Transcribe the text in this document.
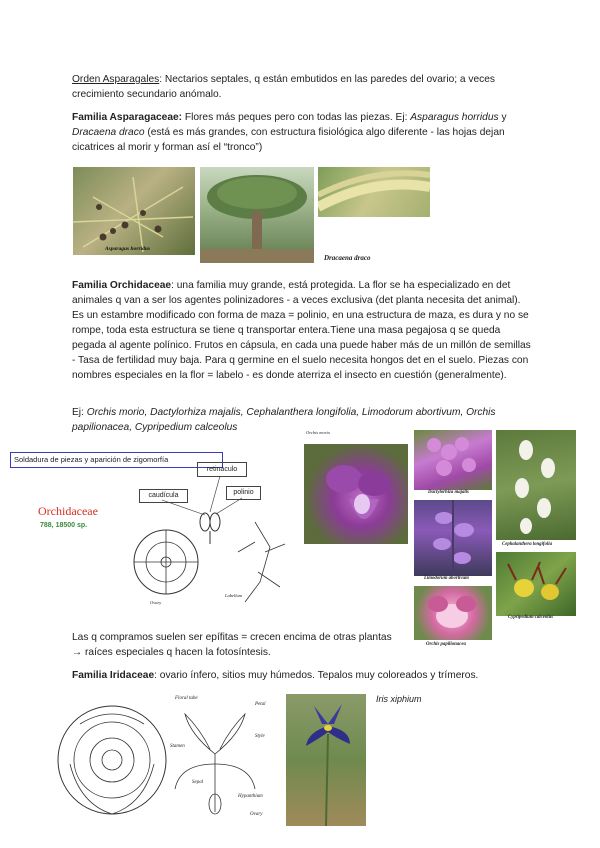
Orden Asparagales: Nectarios septales, q están embutidos en las paredes del ovario; a veces crecimiento secundario anómalo.

Familia Asparagaceae: Flores más peques pero con todas las piezas. Ej: Asparagus horridus y Dracaena draco (está es más grandes, con estructura fisiológica algo diferente - las hojas dejan cicatrices al morir y forman así el “tronco”)

Asparagus horridus
Dracaena draco

Familia Orchidaceae: una familia muy grande, está protegida. La flor se ha especializado en det animales q van a ser los agentes polinizadores - a veces exclusiva (det planta necesita det animal). Es un estambre modificado con forma de maza = polinio, en una estructura de maza, es dura y no se rompe, toda esta estructura se tiene q transportar entera.Tiene una masa pegajosa q se queda pegada al agente polínico. Frutos en cápsula, en cada una puede haber más de un millón de semillas - Tasa de fertilidad muy baja. Para q germine en el suelo necesita hongos det en el suelo. Piezas con nombres especiales en la flor = labelo - es donde aterriza el insecto en cuestión (generalmente).

Ej: Orchis morio, Dactylorhiza majalis, Cephalanthera longifolia, Limodorum abortivum, Orchis papilionacea, Cypripedium calceolus

Soldadura de piezas y aparición de zigomorfía
retináculo
caudícula	polinio
Orchidaceae
788, 18500 sp.
Labellum
Ovary
Orchis morio
Dactylorhiza majalis
Limodorum abortivum
Orchis papilionacea
Cephalanthera longifolia
Cypripedium calceolus

Las q compramos suelen ser epífitas = crecen encima de otras plantas → raíces especiales q hacen la fotosíntesis.

Familia Iridaceae: ovario ínfero, sitios muy húmedos. Tepalos muy coloreados y trímeros.

Floral tube
Petal
Style
Stamen
Sepal
Hypanthium
Ovary
Iris xiphium
